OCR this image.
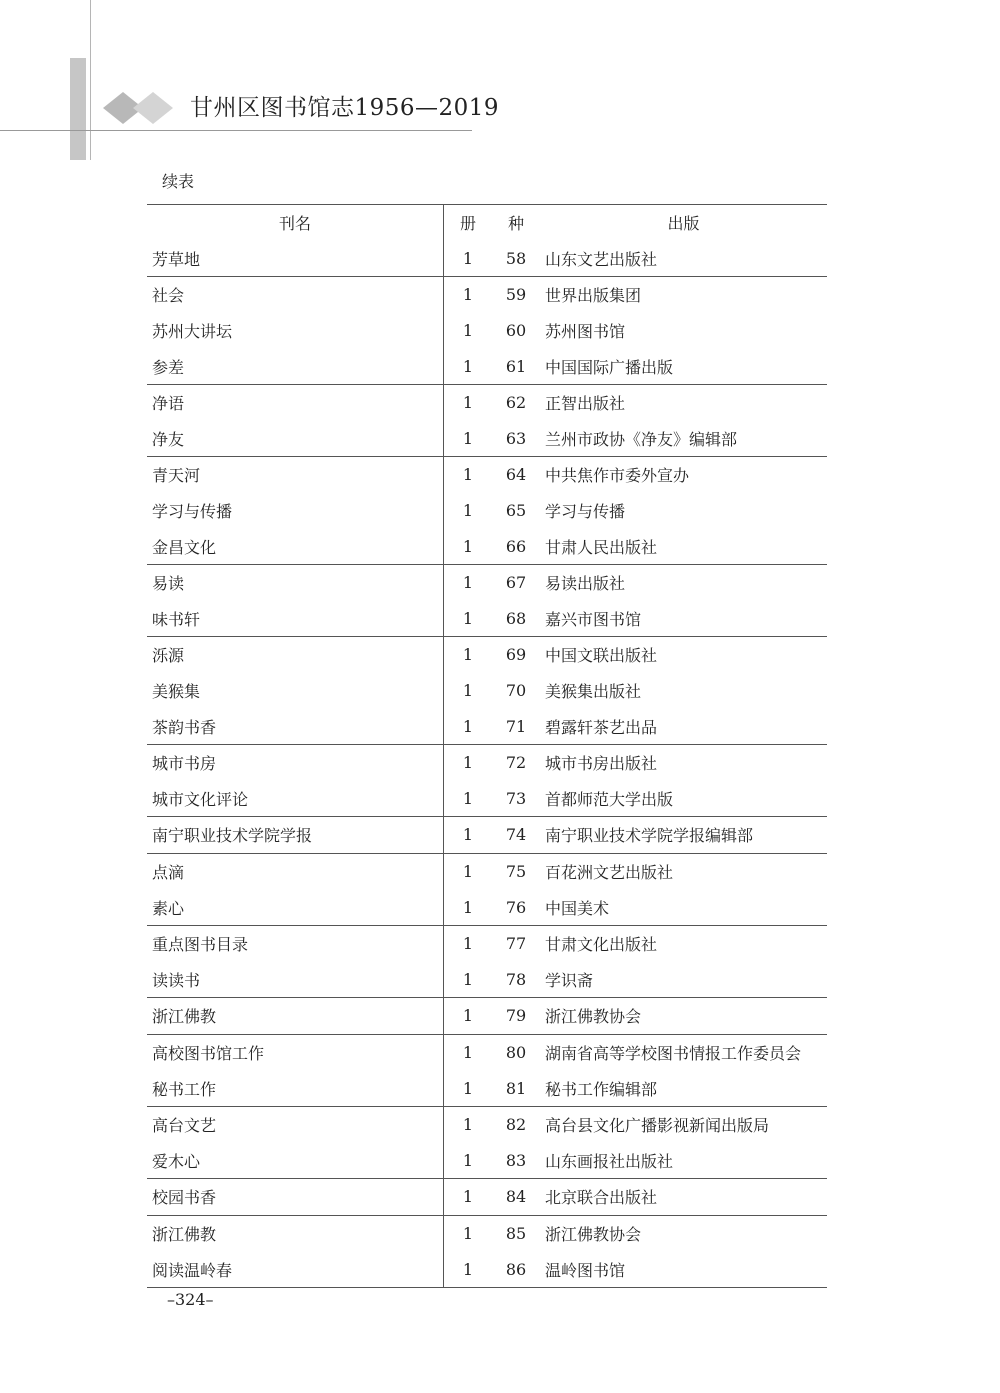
甘州区图书馆志1956—2019
续表
刊名	册	种	出版
芳草地	1	58	山东文艺出版社
社会	1	59	世界出版集团
苏州大讲坛	1	60	苏州图书馆
参差	1	61	中国国际广播出版
净语	1	62	正智出版社
净友	1	63	兰州市政协《净友》编辑部
青天河	1	64	中共焦作市委外宣办
学习与传播	1	65	学习与传播
金昌文化	1	66	甘肃人民出版社
易读	1	67	易读出版社
味书轩	1	68	嘉兴市图书馆
泺源	1	69	中国文联出版社
美猴集	1	70	美猴集出版社
茶韵书香	1	71	碧露轩茶艺出品
城市书房	1	72	城市书房出版社
城市文化评论	1	73	首都师范大学出版
南宁职业技术学院学报	1	74	南宁职业技术学院学报编辑部
点滴	1	75	百花洲文艺出版社
素心	1	76	中国美术
重点图书目录	1	77	甘肃文化出版社
读读书	1	78	学识斋
浙江佛教	1	79	浙江佛教协会
高校图书馆工作	1	80	湖南省高等学校图书情报工作委员会
秘书工作	1	81	秘书工作编辑部
高台文艺	1	82	高台县文化广播影视新闻出版局
爱木心	1	83	山东画报社出版社
校园书香	1	84	北京联合出版社
浙江佛教	1	85	浙江佛教协会
阅读温岭春	1	86	温岭图书馆
–324–
